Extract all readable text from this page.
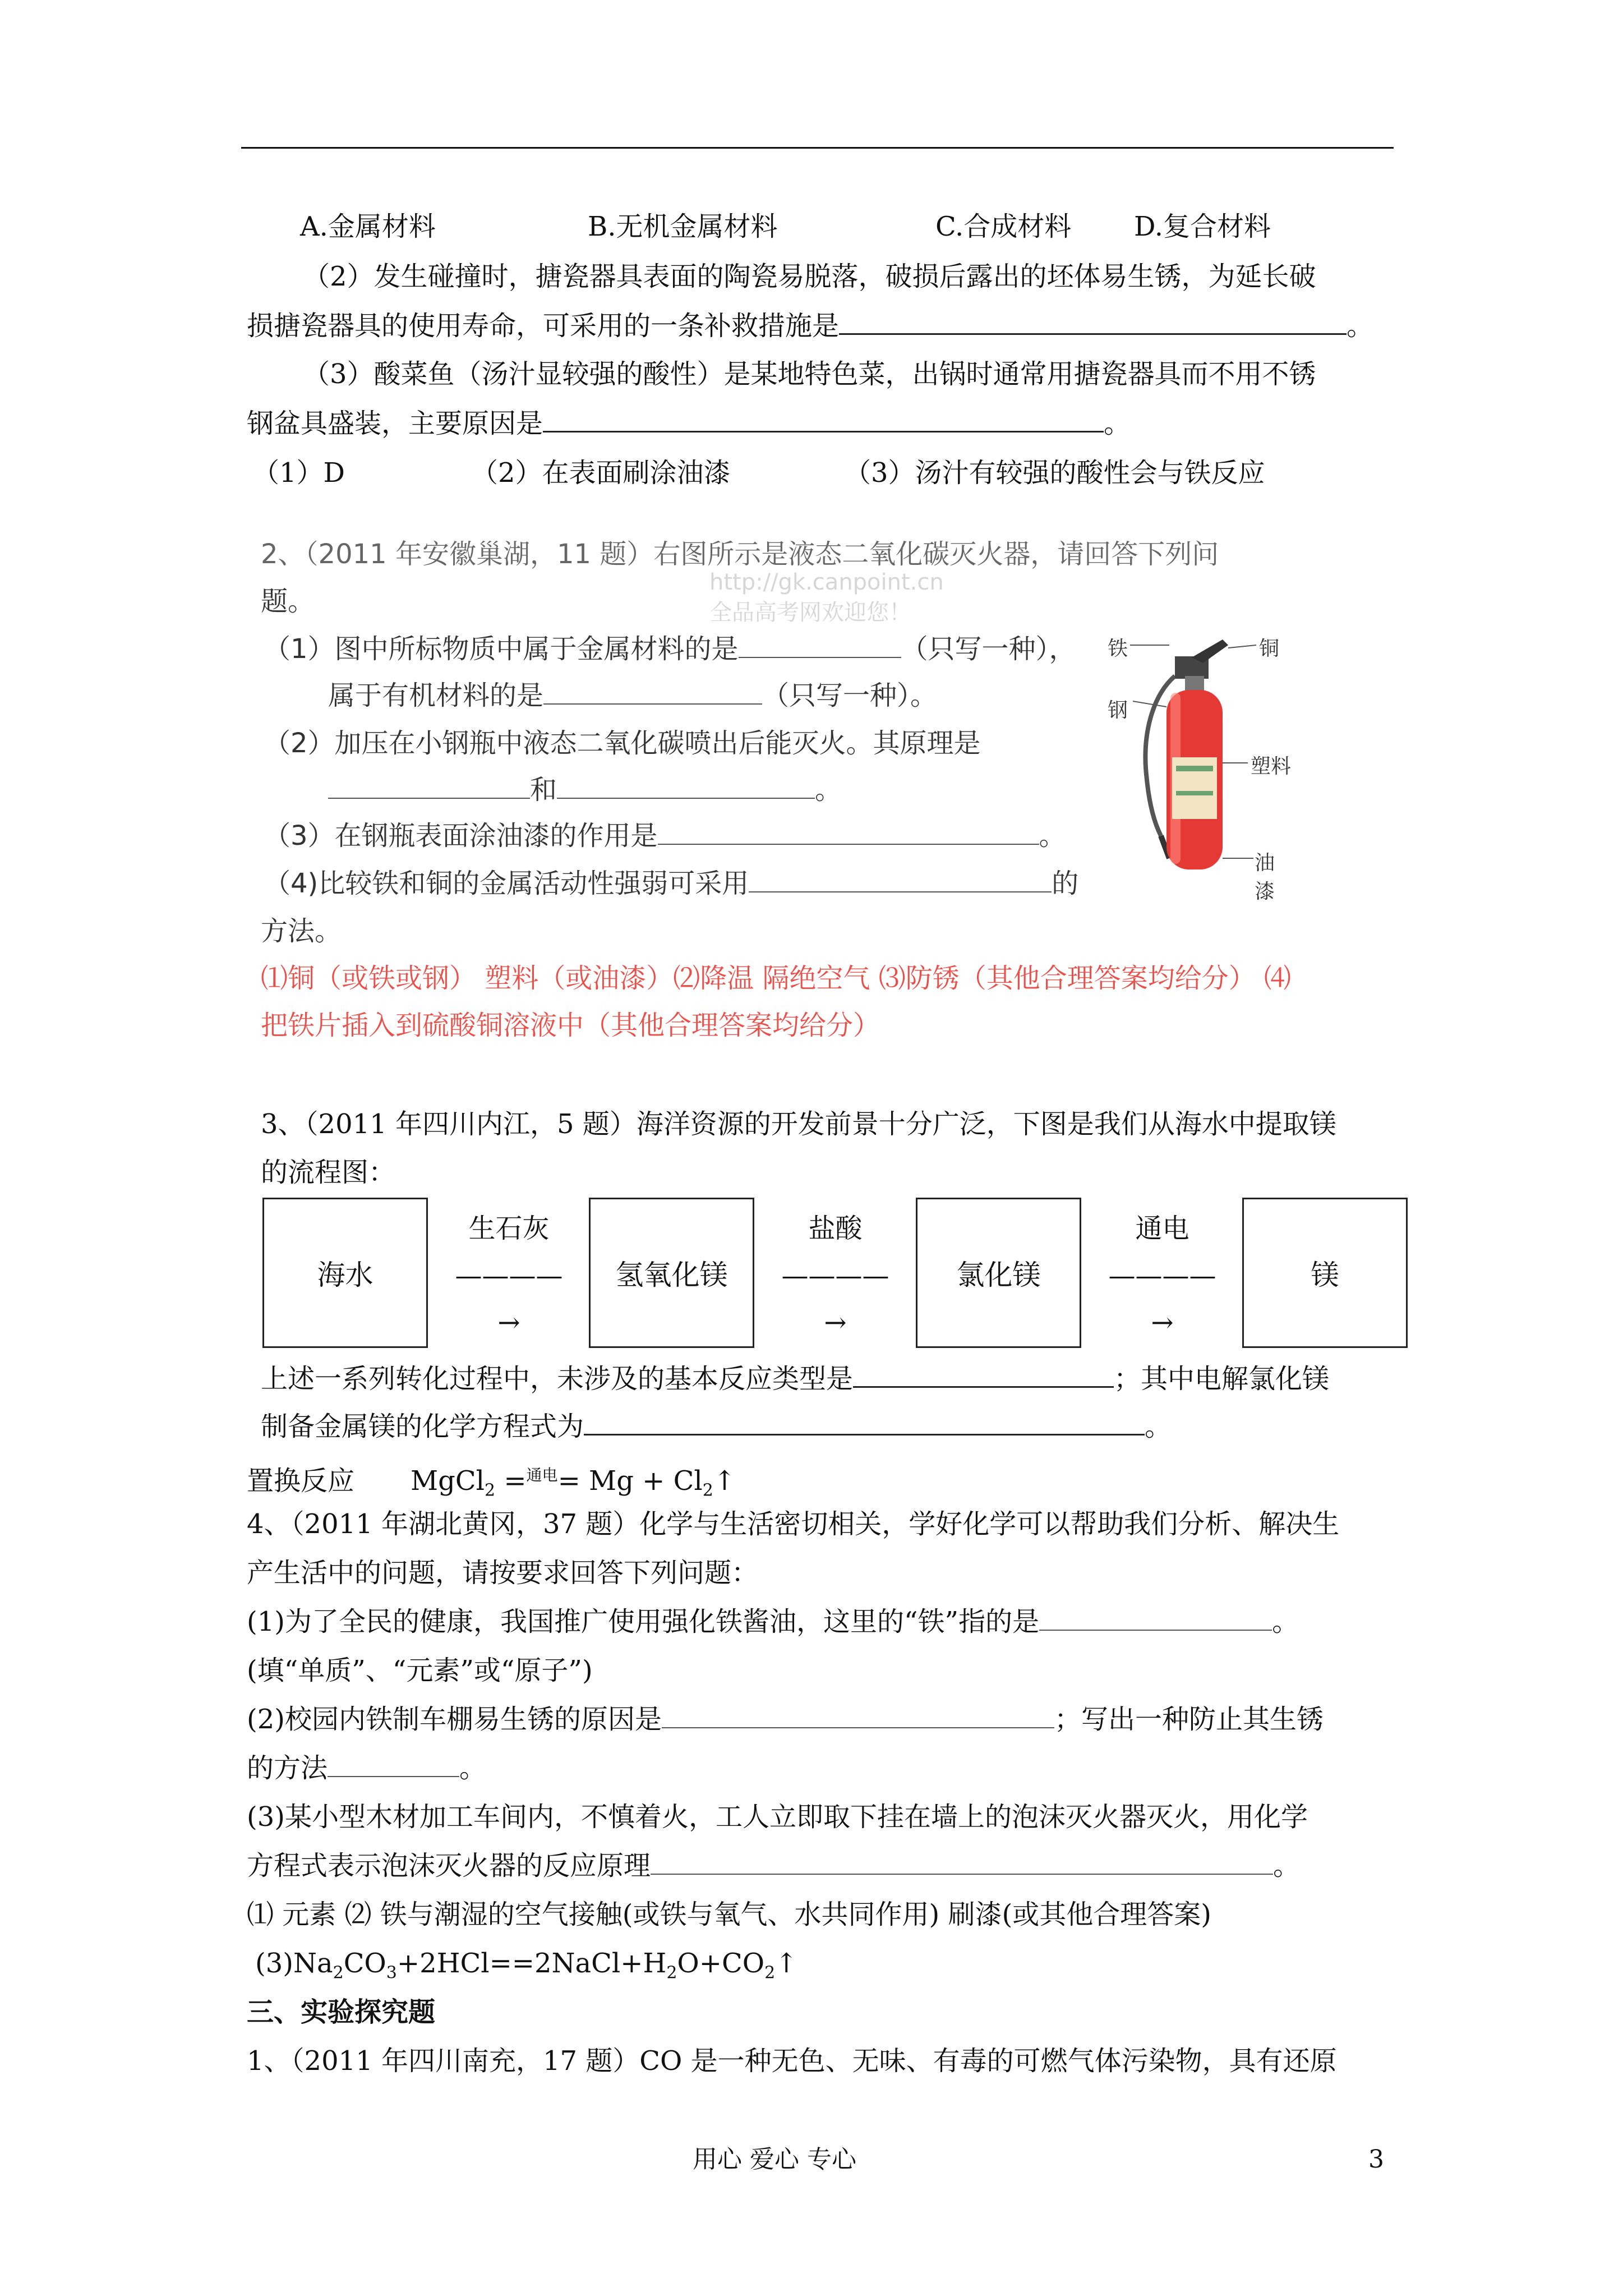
A.金属材料	B.无机金属材料	C.合成材料 D.复合材料
（2）发生碰撞时，搪瓷器具表面的陶瓷易脱落，破损后露出的坯体易生锈，为延长破
损搪瓷器具的使用寿命，可采用的一条补救措施是	。
（3）酸菜鱼（汤汁显较强的酸性）是某地特色菜，出锅时通常用搪瓷器具而不用不锈
钢盆具盛装，主要原因是	。
（1）D	（2）在表面刷涂油漆	（3）汤汁有较强的酸性会与铁反应
http://gk.canpoint.cn
全品高考网欢迎您！
2、（2011 年安徽巢湖，11 题）右图所示是液态二氧化碳灭火器，请回答下列问
题。
（1）图中所标物质中属于金属材料的是	（只写一种），
属于有机材料的是	（只写一种）。
（2）加压在小钢瓶中液态二氧化碳喷出后能灭火。其原理是
和	。
（3）在钢瓶表面涂油漆的作用是	。
（4)比较铁和铜的金属活动性强弱可采用	的
方法。
⑴铜（或铁或钢） 塑料（或油漆）⑵降温 隔绝空气 ⑶防锈（其他合理答案均给分） ⑷
把铁片插入到硫酸铜溶液中（其他合理答案均给分）
铁	铜
钢
塑料
油漆
3、（2011 年四川内江，5 题）海洋资源的开发前景十分广泛，下图是我们从海水中提取镁
的流程图：
海水	氢氧化镁	氯化镁	镁
生石灰
————
→
盐酸
————
→
通电
————
→
上述一系列转化过程中，未涉及的基本反应类型是	；其中电解氯化镁
制备金属镁的化学方程式为	。
置换反应 MgCl$_2$ $=^{通电}= Mg + Cl_2↑$
4、（2011 年湖北黄冈，37 题）化学与生活密切相关，学好化学可以帮助我们分析、解决生
产生活中的问题，请按要求回答下列问题：
(1)为了全民的健康，我国推广使用强化铁酱油，这里的“铁”指的是	。
(填“单质”、“元素”或“原子”)
(2)校园内铁制车棚易生锈的原因是	；写出一种防止其生锈
的方法	。
(3)某小型木材加工车间内，不慎着火，工人立即取下挂在墙上的泡沫灭火器灭火，用化学
方程式表示泡沫灭火器的反应原理	。
⑴ 元素 ⑵ 铁与潮湿的空气接触(或铁与氧气、水共同作用) 刷漆(或其他合理答案)
$(3)Na_2CO_3+2HCl==2NaCl+H_2O+CO_2↑$
三、实验探究题
1、（2011 年四川南充，17 题）CO 是一种无色、无味、有毒的可燃气体污染物，具有还原
用心 爱心 专心	3
